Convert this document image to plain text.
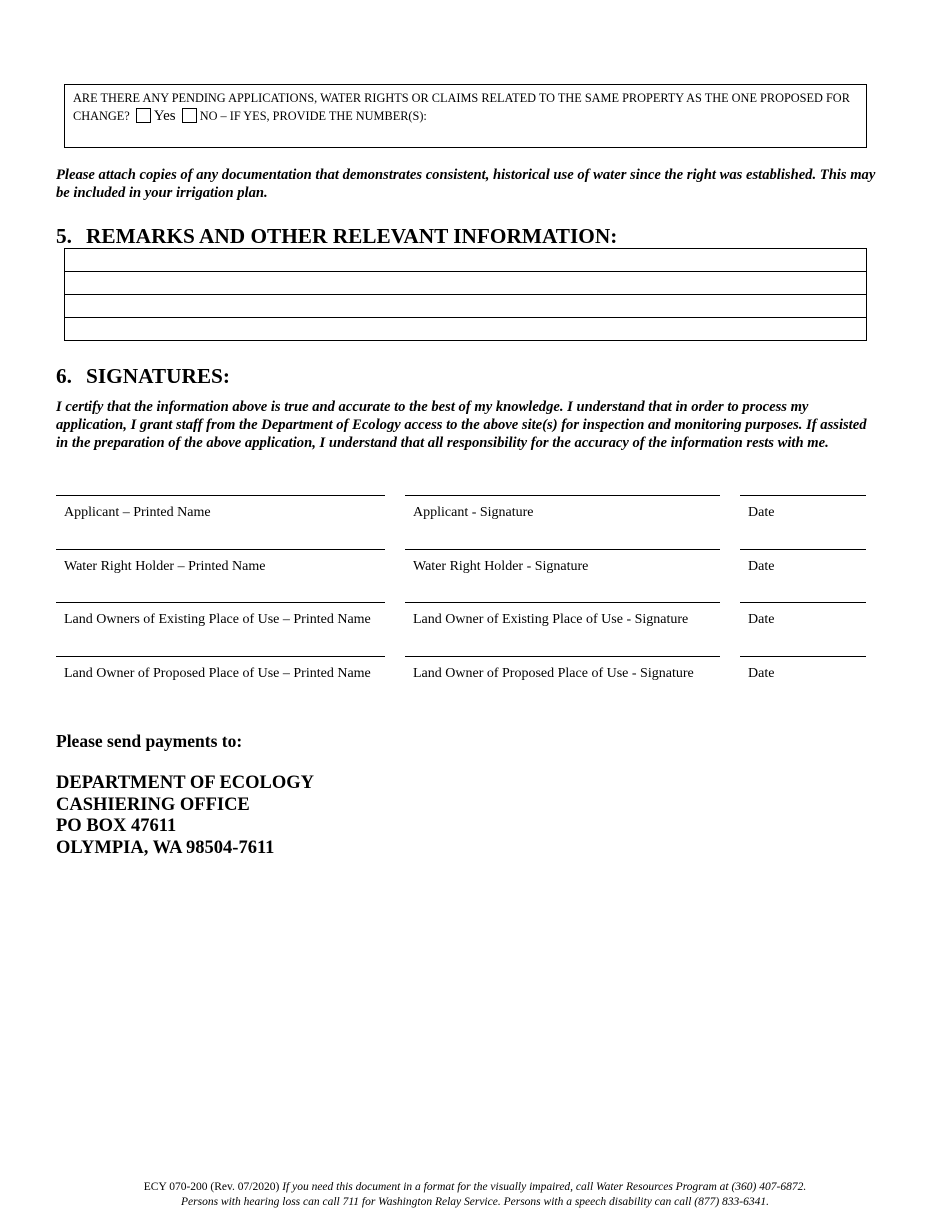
ARE THERE ANY PENDING APPLICATIONS, WATER RIGHTS OR CLAIMS RELATED TO THE SAME PROPERTY AS THE ONE PROPOSED FOR CHANGE? Yes NO – IF YES, PROVIDE THE NUMBER(S):
Please attach copies of any documentation that demonstrates consistent, historical use of water since the right was established. This may be included in your irrigation plan.
5. REMARKS AND OTHER RELEVANT INFORMATION:

6. SIGNATURES:
I certify that the information above is true and accurate to the best of my knowledge. I understand that in order to process my application, I grant staff from the Department of Ecology access to the above site(s) for inspection and monitoring purposes. If assisted in the preparation of the above application, I understand that all responsibility for the accuracy of the information rests with me.
Applicant – Printed Name	Applicant - Signature	Date
Water Right Holder – Printed Name	Water Right Holder - Signature	Date
Land Owners of Existing Place of Use – Printed Name	Land Owner of Existing Place of Use - Signature	Date
Land Owner of Proposed Place of Use – Printed Name	Land Owner of Proposed Place of Use - Signature	Date
Please send payments to:
DEPARTMENT OF ECOLOGY
CASHIERING OFFICE
PO BOX 47611
OLYMPIA, WA 98504-7611
ECY 070-200 (Rev. 07/2020) If you need this document in a format for the visually impaired, call Water Resources Program at (360) 407-6872.
Persons with hearing loss can call 711 for Washington Relay Service. Persons with a speech disability can call (877) 833-6341.
